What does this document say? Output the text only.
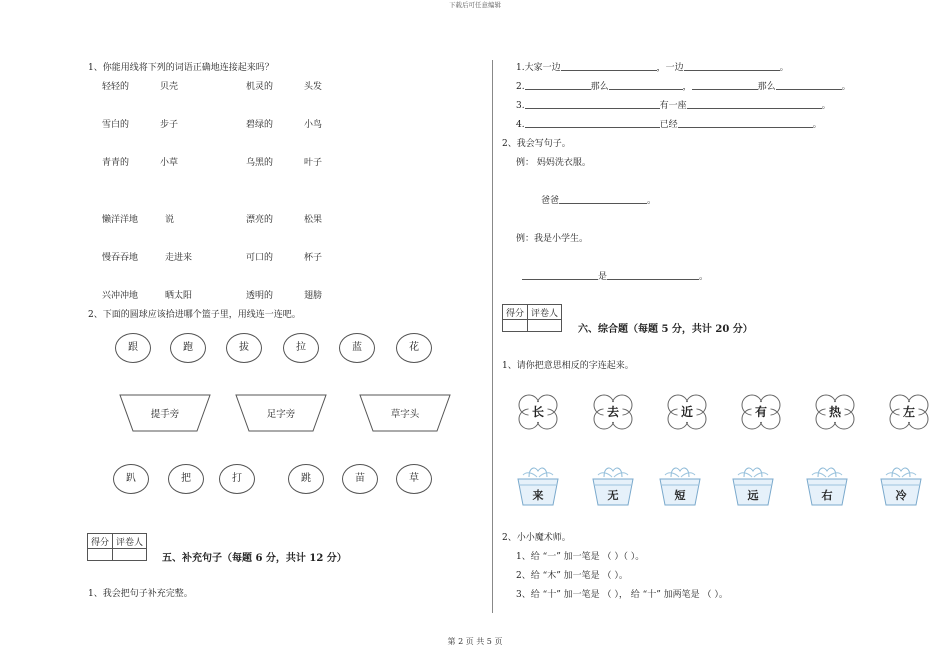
下载后可任意编辑
第 2 页 共 5 页
1、你能用线将下列的词语正确地连接起来吗？
轻轻的	贝壳	机灵的	头发
雪白的	步子	碧绿的	小鸟
青青的	小草	乌黑的	叶子
懒洋洋地	说	漂亮的	松果
慢吞吞地	走进来	可口的	杯子
兴冲冲地	晒太阳	透明的	翅膀
2、下面的圆球应该拾进哪个篮子里，用线连一连吧。
跟	跑	拔	拉	蓝	花
提手旁	足字旁	草字头
趴	把	打	跳	苗	草
得分	评卷人

五、补充句子（每题 6 分，共计 12 分）
1、我会把句子补充完整。
1.大家一边	，一边	。
2.	那么	，	那么	。
3.	有一座	。
4.	已经	。
2、我会写句子。
例： 妈妈洗衣服。
爸爸	。
例：我是小学生。
是	。
得分	评卷人

六、综合题（每题 5 分，共计 20 分）
1、请你把意思相反的字连起来。
长	去	近	有	热	左
来	无	短	远	右	冷
2、小小魔术师。
1、给 “一” 加一笔是 （ ）（ ）。
2、给 “木” 加一笔是 （ ）。
3、给 “十” 加一笔是 （ ）， 给 “十” 加两笔是 （ ）。
